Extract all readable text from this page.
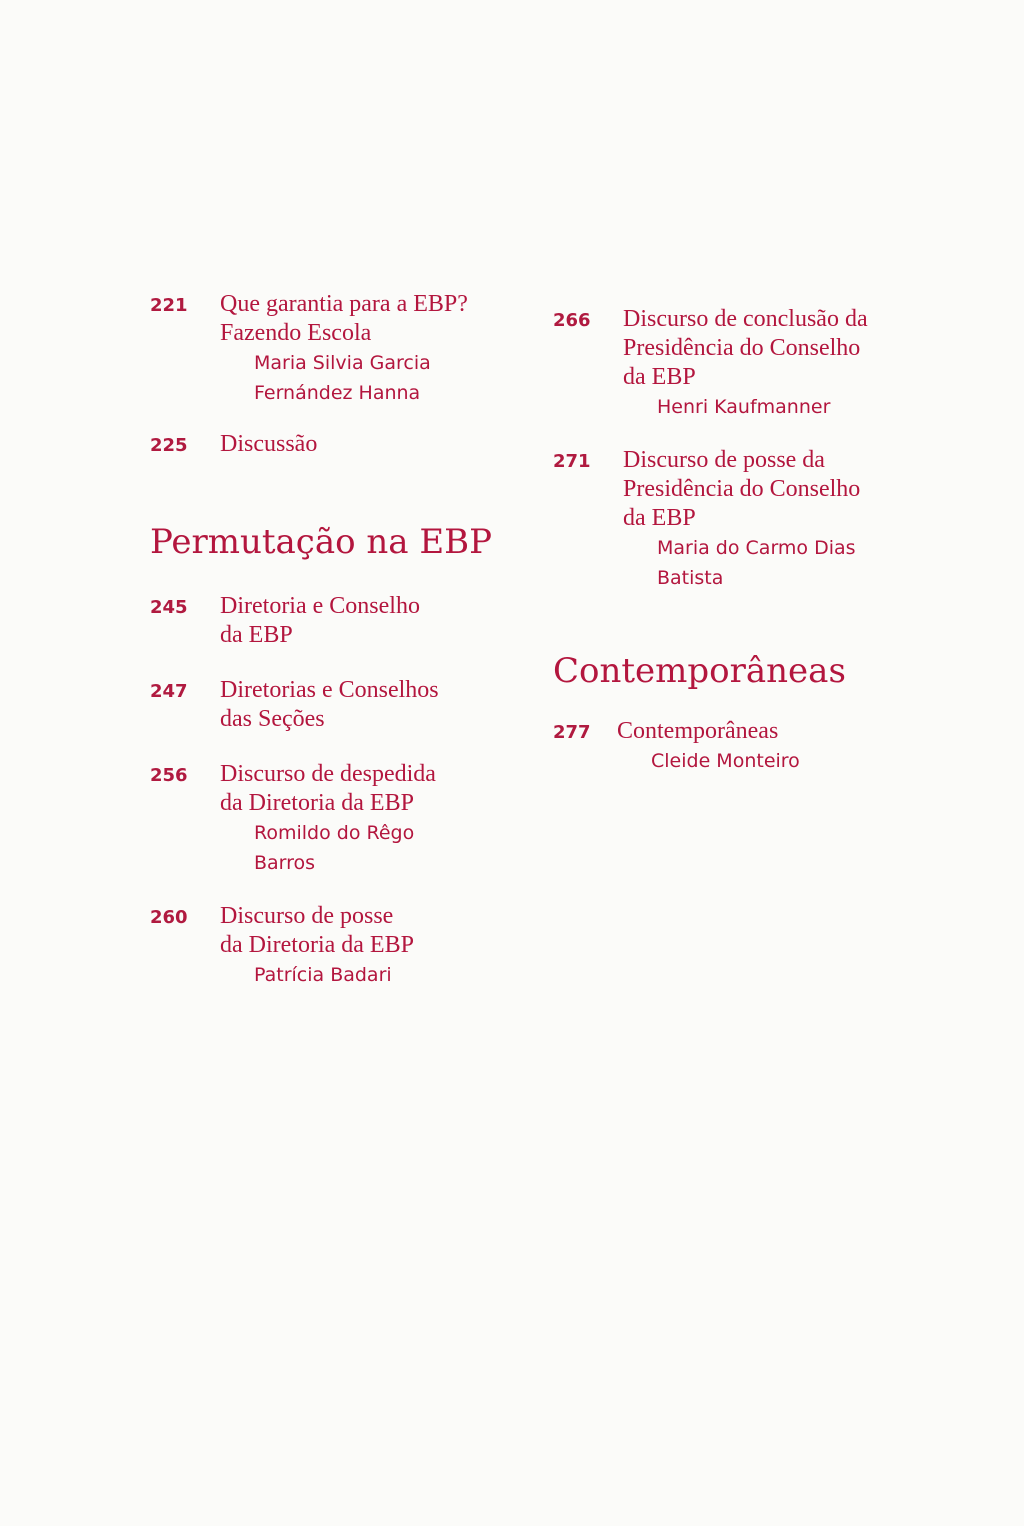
221	Que garantia para a EBP?
Fazendo Escola
Maria Silvia Garcia
Fernández Hanna
225	Discussão
Permutação na EBP
245	Diretoria e Conselho
da EBP
247	Diretorias e Conselhos
das Seções
256	Discurso de despedida
da Diretoria da EBP
Romildo do Rêgo
Barros
260	Discurso de posse
da Diretoria da EBP
Patrícia Badari
266	Discurso de conclusão da
Presidência do Conselho
da EBP
Henri Kaufmanner
271	Discurso de posse da
Presidência do Conselho
da EBP
Maria do Carmo Dias
Batista
Contemporâneas
277	Contemporâneas
Cleide Monteiro
